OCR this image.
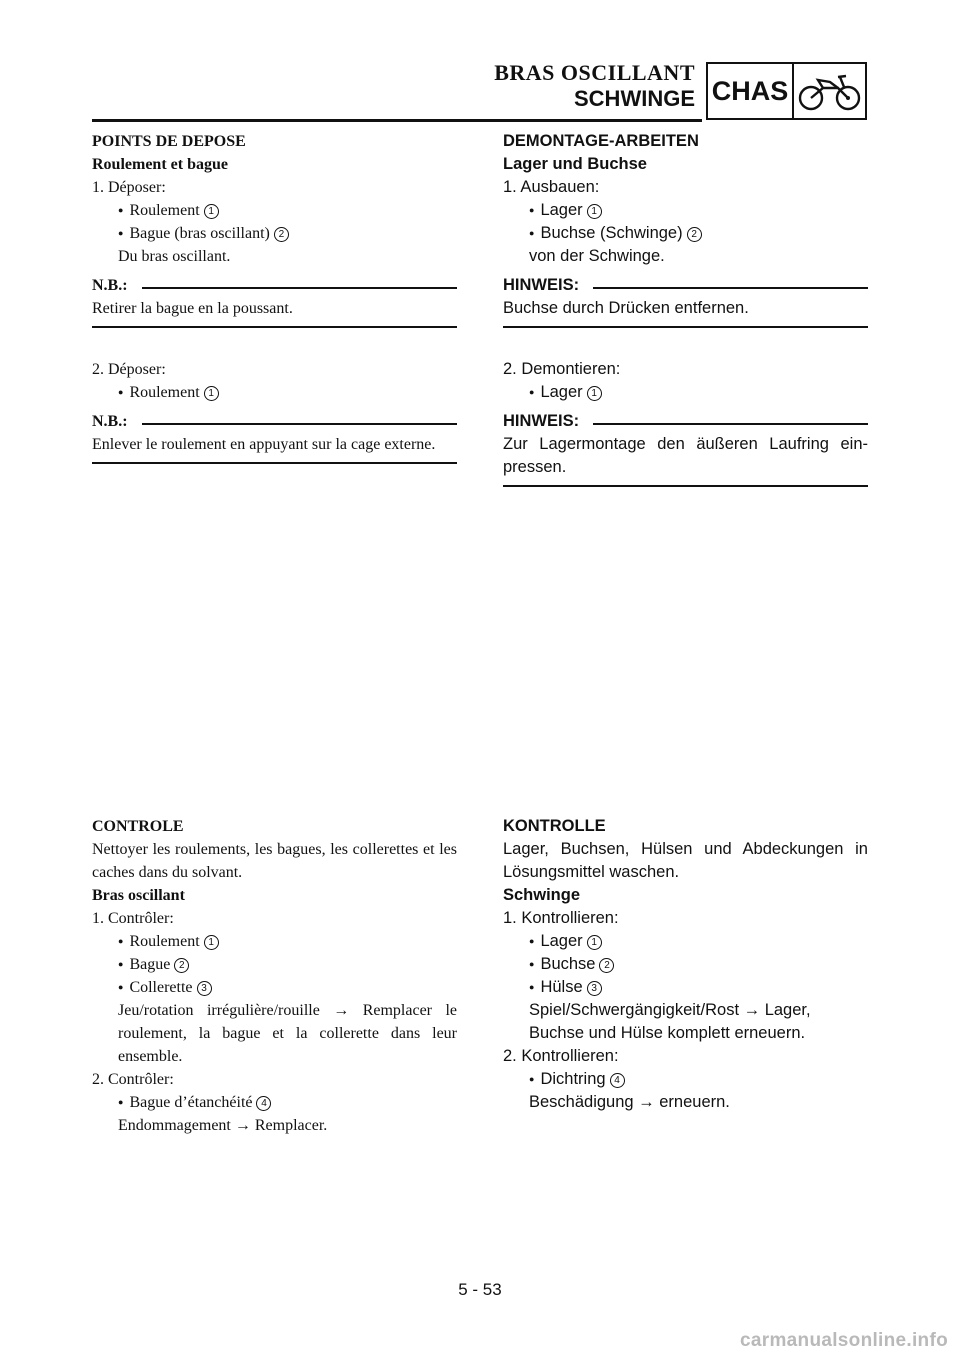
BRAS OSCILLANT
SCHWINGE CHAS
POINTS DE DEPOSE
Roulement et bague
1. Déposer:
● Roulement 1
● Bague (bras oscillant) 2
Du bras oscillant.
N.B.:
Retirer la bague en la poussant.
2. Déposer:
● Roulement 1
N.B.:
Enlever le roulement en appuyant sur la cage externe.
CONTROLE
Nettoyer les roulements, les bagues, les collerettes et les caches dans du solvant.
Bras oscillant
1. Contrôler:
● Roulement 1
● Bague 2
● Collerette 3
Jeu/rotation irrégulière/rouille → Remplacer le roulement, la bague et la collerette dans leur ensemble.
2. Contrôler:
● Bague d’étanchéité 4
Endommagement → Remplacer.
DEMONTAGE-ARBEITEN
Lager und Buchse
1. Ausbauen:
● Lager 1
● Buchse (Schwinge) 2
von der Schwinge.
HINWEIS:
Buchse durch Drücken entfernen.
2. Demontieren:
● Lager 1
HINWEIS:
Zur Lagermontage den äußeren Laufring ein-pressen.
KONTROLLE
Lager, Buchsen, Hülsen und Abdeckungen in Lösungsmittel waschen.
Schwinge
1. Kontrollieren:
● Lager 1
● Buchse 2
● Hülse 3
Spiel/Schwergängigkeit/Rost → Lager,
Buchse und Hülse komplett erneuern.
2. Kontrollieren:
● Dichtring 4
Beschädigung → erneuern.
5 - 53
carmanualsonline.info
